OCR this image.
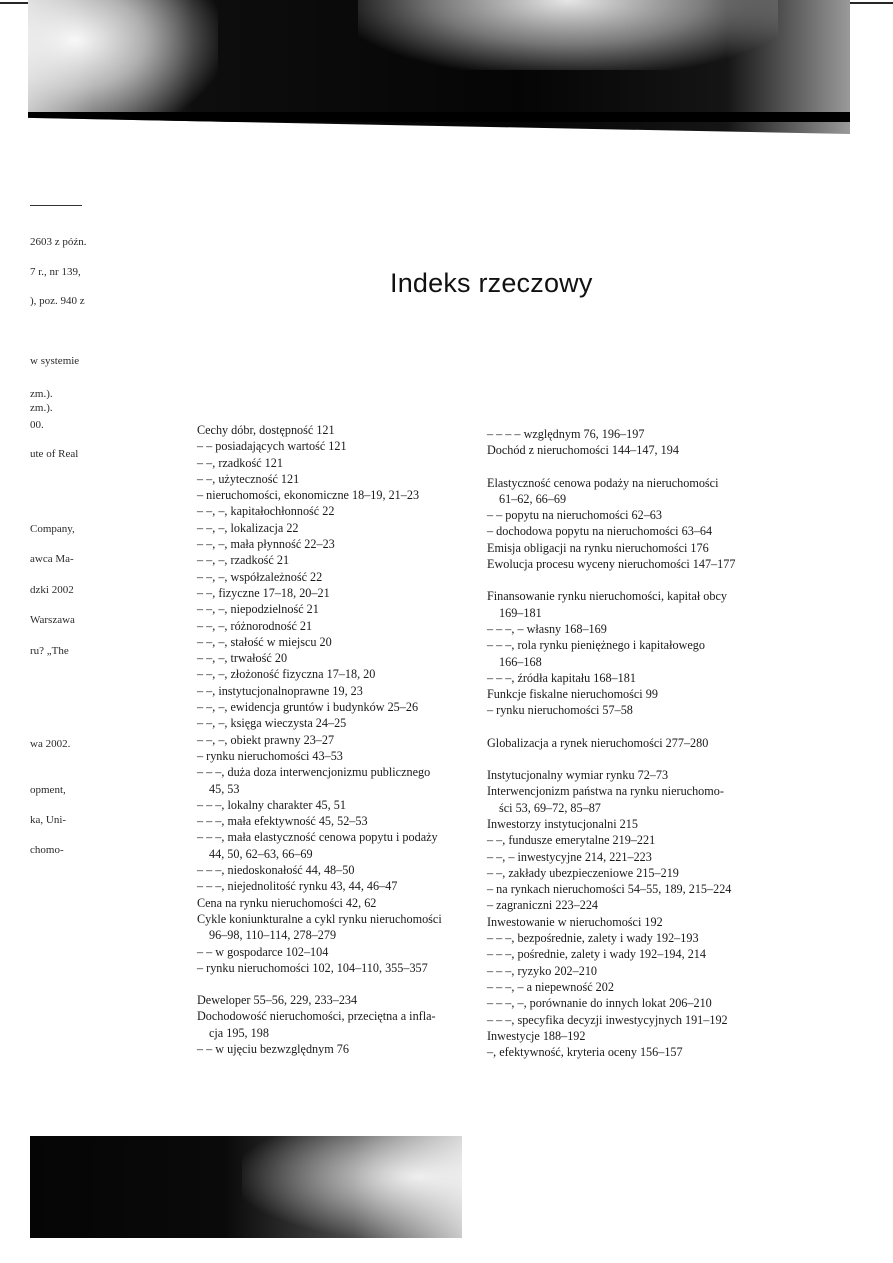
2603 z późn.
7 r., nr 139,
), poz. 940 z
w systemie
zm.).
zm.).
00.
ute of Real
Company,
awca Ma-
dzki 2002
Warszawa
ru? „The
wa 2002.
opment,
ka, Uni-
chomo-
Indeks rzeczowy
Cechy dóbr, dostępność 121
– – posiadających wartość 121
– –, rzadkość 121
– –, użyteczność 121
– nieruchomości, ekonomiczne 18–19, 21–23
– –, –, kapitałochłonność 22
– –, –, lokalizacja 22
– –, –, mała płynność 22–23
– –, –, rzadkość 21
– –, –, współzależność 22
– –, fizyczne 17–18, 20–21
– –, –, niepodzielność 21
– –, –, różnorodność 21
– –, –, stałość w miejscu 20
– –, –, trwałość 20
– –, –, złożoność fizyczna 17–18, 20
– –, instytucjonalnoprawne 19, 23
– –, –, ewidencja gruntów i budynków 25–26
– –, –, księga wieczysta 24–25
– –, –, obiekt prawny 23–27
– rynku nieruchomości 43–53
– – –, duża doza interwencjonizmu publicznego
45, 53
– – –, lokalny charakter 45, 51
– – –, mała efektywność 45, 52–53
– – –, mała elastyczność cenowa popytu i podaży
44, 50, 62–63, 66–69
– – –, niedoskonałość 44, 48–50
– – –, niejednolitość rynku 43, 44, 46–47
Cena na rynku nieruchomości 42, 62
Cykle koniunkturalne a cykl rynku nieruchomości
96–98, 110–114, 278–279
– – w gospodarce 102–104
– rynku nieruchomości 102, 104–110, 355–357
Deweloper 55–56, 229, 233–234
Dochodowość nieruchomości, przeciętna a infla-
cja 195, 198
– – w ujęciu bezwzględnym 76
– – – – względnym 76, 196–197
Dochód z nieruchomości 144–147, 194
Elastyczność cenowa podaży na nieruchomości
61–62, 66–69
– – popytu na nieruchomości 62–63
– dochodowa popytu na nieruchomości 63–64
Emisja obligacji na rynku nieruchomości 176
Ewolucja procesu wyceny nieruchomości 147–177
Finansowanie rynku nieruchomości, kapitał obcy
169–181
– – –, – własny 168–169
– – –, rola rynku pieniężnego i kapitałowego
166–168
– – –, źródła kapitału 168–181
Funkcje fiskalne nieruchomości 99
– rynku nieruchomości 57–58
Globalizacja a rynek nieruchomości 277–280
Instytucjonalny wymiar rynku 72–73
Interwencjonizm państwa na rynku nieruchomo-
ści 53, 69–72, 85–87
Inwestorzy instytucjonalni 215
– –, fundusze emerytalne 219–221
– –, – inwestycyjne 214, 221–223
– –, zakłady ubezpieczeniowe 215–219
– na rynkach nieruchomości 54–55, 189, 215–224
– zagraniczni 223–224
Inwestowanie w nieruchomości 192
– – –, bezpośrednie, zalety i wady 192–193
– – –, pośrednie, zalety i wady 192–194, 214
– – –, ryzyko 202–210
– – –, – a niepewność 202
– – –, –, porównanie do innych lokat 206–210
– – –, specyfika decyzji inwestycyjnych 191–192
Inwestycje 188–192
–, efektywność, kryteria oceny 156–157
